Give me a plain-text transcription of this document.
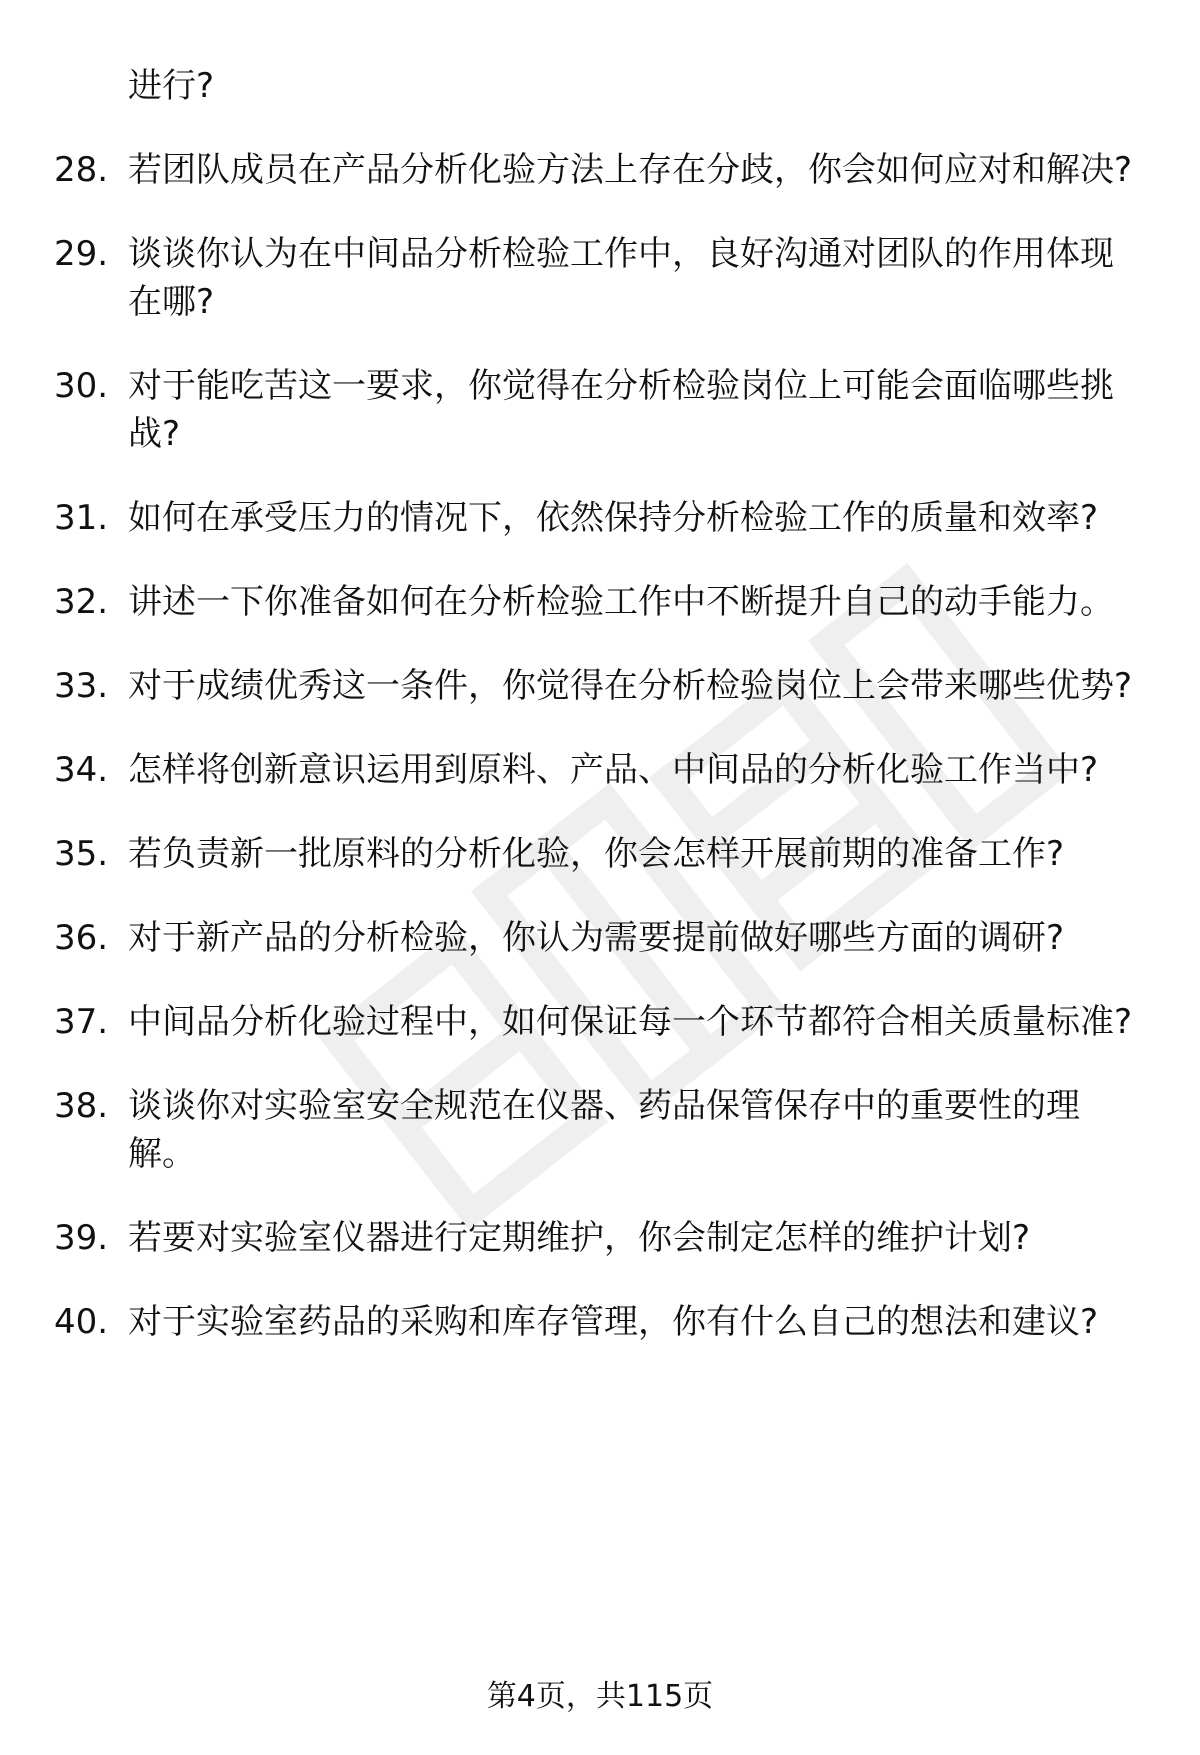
进行?
28. 若团队成员在产品分析化验方法上存在分歧，你会如何应对和解决?
29. 谈谈你认为在中间品分析检验工作中，良好沟通对团队的作用体现在哪?
30. 对于能吃苦这一要求，你觉得在分析检验岗位上可能会面临哪些挑战?
31. 如何在承受压力的情况下，依然保持分析检验工作的质量和效率?
32. 讲述一下你准备如何在分析检验工作中不断提升自己的动手能力。
33. 对于成绩优秀这一条件，你觉得在分析检验岗位上会带来哪些优势?
34. 怎样将创新意识运用到原料、产品、中间品的分析化验工作当中?
35. 若负责新一批原料的分析化验，你会怎样开展前期的准备工作?
36. 对于新产品的分析检验，你认为需要提前做好哪些方面的调研?
37. 中间品分析化验过程中，如何保证每一个环节都符合相关质量标准?
38. 谈谈你对实验室安全规范在仪器、药品保管保存中的重要性的理解。
39. 若要对实验室仪器进行定期维护，你会制定怎样的维护计划?
40. 对于实验室药品的采购和库存管理，你有什么自己的想法和建议?
第4页，共115页
